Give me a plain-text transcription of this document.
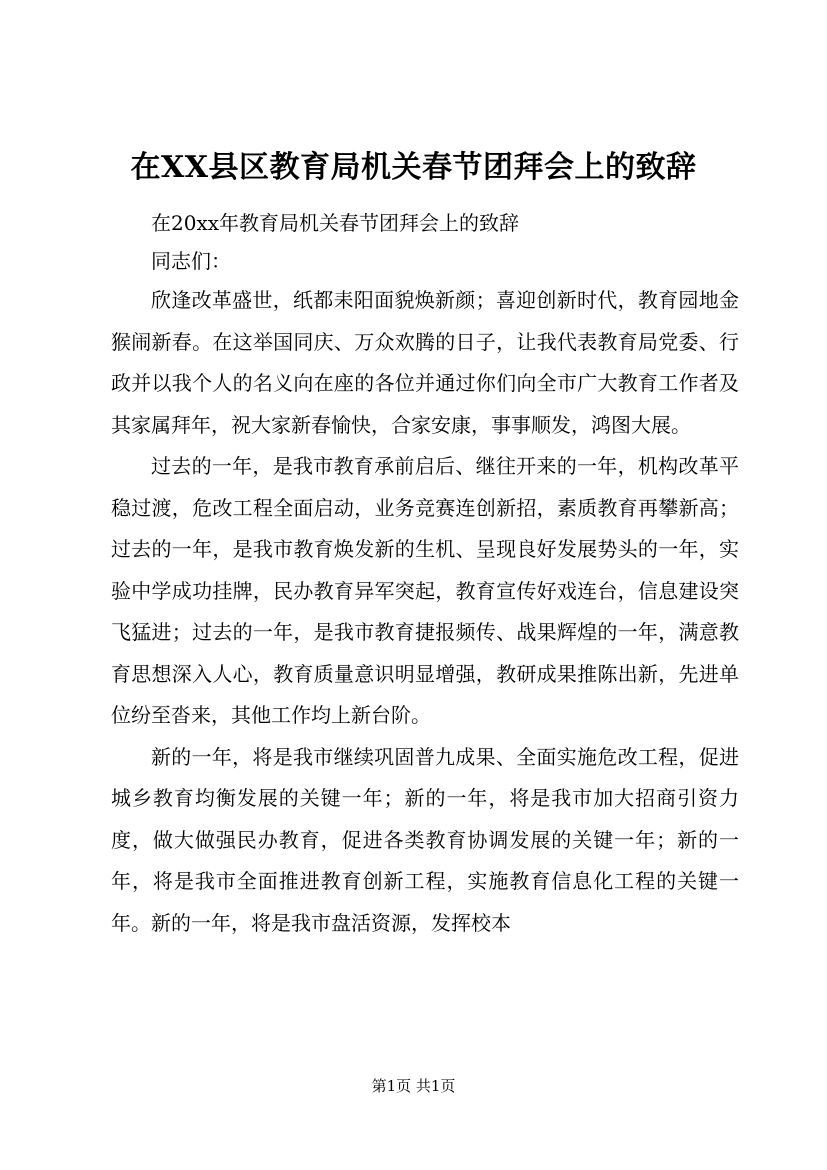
在XX县区教育局机关春节团拜会上的致辞

在20xx年教育局机关春节团拜会上的致辞

同志们：

欣逢改革盛世，纸都耒阳面貌焕新颜；喜迎创新时代，教育园地金猴闹新春。在这举国同庆、万众欢腾的日子，让我代表教育局党委、行政并以我个人的名义向在座的各位并通过你们向全市广大教育工作者及其家属拜年，祝大家新春愉快，合家安康，事事顺发，鸿图大展。

过去的一年，是我市教育承前启后、继往开来的一年，机构改革平稳过渡，危改工程全面启动，业务竞赛连创新招，素质教育再攀新高；过去的一年，是我市教育焕发新的生机、呈现良好发展势头的一年，实验中学成功挂牌，民办教育异军突起，教育宣传好戏连台，信息建设突飞猛进；过去的一年，是我市教育捷报频传、战果辉煌的一年，满意教育思想深入人心，教育质量意识明显增强，教研成果推陈出新，先进单位纷至沓来，其他工作均上新台阶。

新的一年，将是我市继续巩固普九成果、全面实施危改工程，促进城乡教育均衡发展的关键一年；新的一年，将是我市加大招商引资力度，做大做强民办教育，促进各类教育协调发展的关键一年；新的一年，将是我市全面推进教育创新工程，实施教育信息化工程的关键一年。新的一年，将是我市盘活资源，发挥校本

第1页 共1页
